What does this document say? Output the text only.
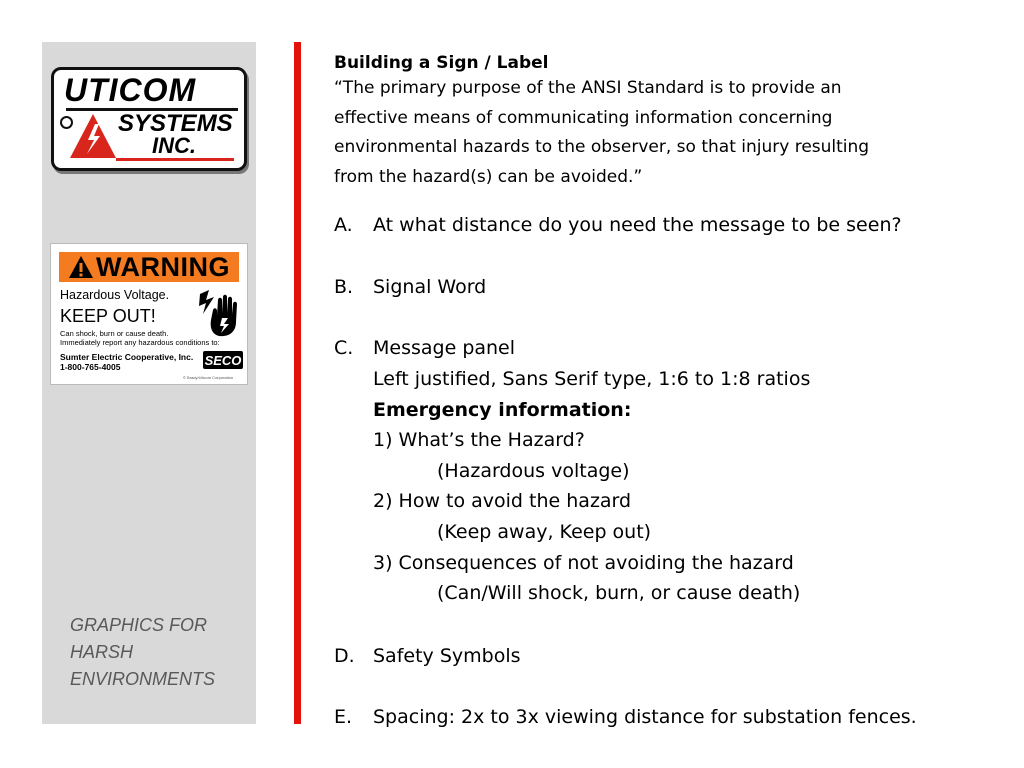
UTICOM
SYSTEMS
INC.
WARNING
Hazardous Voltage.
KEEP OUT!
Can shock, burn or cause death.
Immediately report any hazardous conditions to:
Sumter Electric Cooperative, Inc.
1-800-765-4005	SECO
© Brady/Uticom Corporation
GRAPHICS FOR
HARSH
ENVIRONMENTS
Building a Sign / Label
“The primary purpose of the ANSI Standard is to provide an
effective means of communicating information concerning
environmental hazards to the observer, so that injury resulting
from the hazard(s) can be avoided.”
A. At what distance do you need the message to be seen?
B. Signal Word
C. Message panel
Left justified, Sans Serif type, 1:6 to 1:8 ratios
Emergency information:
1) What’s the Hazard?
(Hazardous voltage)
2) How to avoid the hazard
(Keep away, Keep out)
3) Consequences of not avoiding the hazard
(Can/Will shock, burn, or cause death)
D. Safety Symbols
E. Spacing: 2x to 3x viewing distance for substation fences.
